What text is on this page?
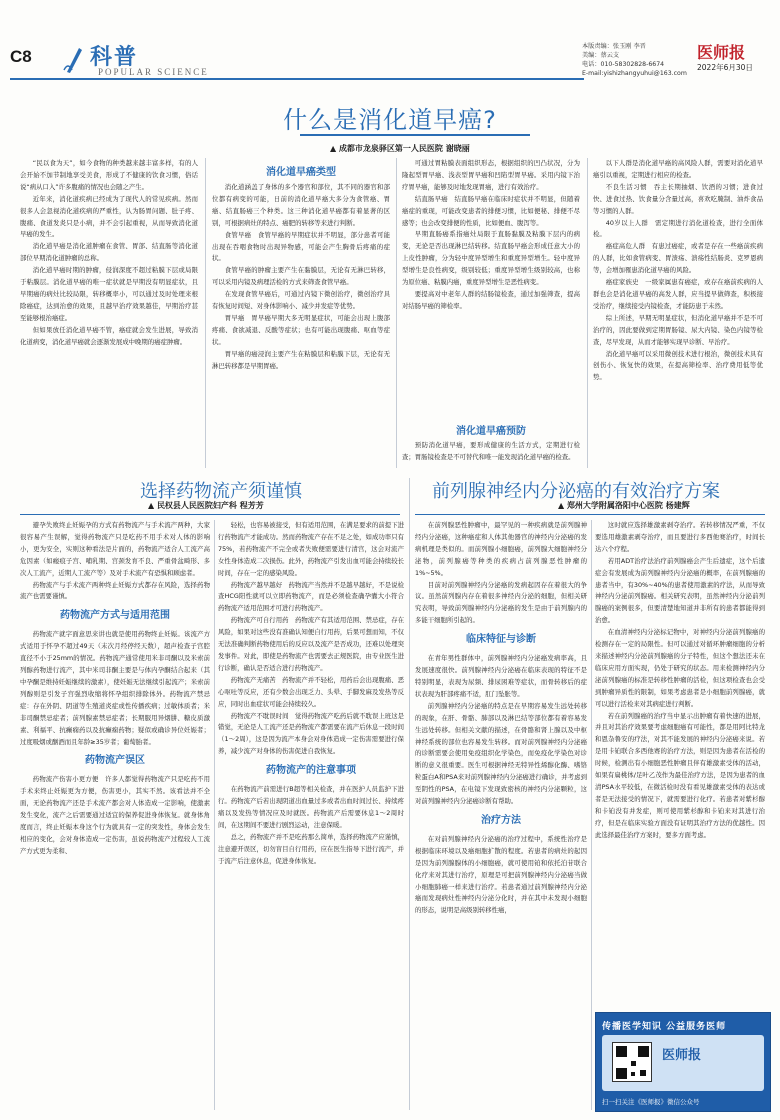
C8	科普
POPULAR SCIENCE
本版责编：张玉刚 李晋
美编：蔡云支
电话：010-58302828-6674
E-mail:yishizhangyuhui@163.com
医师报
2022年6月30日
什么是消化道早癌?
▲ 成都市龙泉驿区第一人民医院 谢晓丽

“民以食为天”，如今食物的种类越来越丰富多样，有的人会开始不加节制地享受美食，形成了不健康的饮食习惯，俗话说“病从口入”许多腹痛的情况也会随之产生。

近年来，消化道疾病已经成为了现代人的常见疾病。然而很多人会忽视消化道疾病的严重性，认为肠胃问题、肚子疼、腹痛、食道发炎只是小病，并不会引起重视，从而导致消化道早癌的发生。

消化道早癌是消化道肿瘤在食管、胃部、结直肠等消化道部位早期消化道肿瘤的总称。

消化道早癌时期的肿瘤，侵润深度不超过粘膜下层或局限于粘膜层。消化道早癌的唯一症状就是早期没有明显症状，且早期癌的病灶比较局限，转移概率小，可以通过及时处理来根除癌症，达到治愈的效果，且越早治疗效果越佳，早期治疗甚至能够根治癌症。

但如果放任消化道早癌不管，癌症就会发生进展，导致消化道病变，消化道早癌就会逐渐发展成中晚期的癌症肿瘤。

消化道早癌类型

消化道涵盖了身体的多个器官和部位，其不同的器官和部位都有病变的可能，日前的消化道早癌大多分为食管癌、胃癌、结直肠癌三个种类。这三种消化道早癌都有着显著的区别，可根据病灶的特点、癌肥的转移等来进行判断。

食管早癌　食管早癌的早期症状并不明显，部分患者可能出现在吞咽食物时出现异物感，可能会产生胸骨后疼痛的症状。

食管早癌的肿瘤主要产生在黏膜层，无论有无淋巴转移，可以采用内镜及病理活检的方式来筛查食管早癌。

在发现食管早癌后，可通过内镜下微创治疗，微创治疗具有恢复时间短、对身体影响小、减少并发症等优势。

胃早癌　胃早癌早期大多无明显症状，可能会出现上腹部疼痛、食欲减退、反酸等症状；也有可能出现腹痛、呕血等症状。

胃早癌的癌浸润主要产生在粘膜层和粘膜下层，无论有无淋巴转移都是早期胃癌。

可通过胃粘膜表面组织形态，根据组织的凹凸状况，分为隆起型胃早癌、浅表型胃早癌和凹陷型胃早癌。采用内镜下治疗胃早癌，能够及时地发现胃癌，进行有效治疗。

结直肠早癌　结直肠早癌在临床时症状并不明显，但随着癌症的重现，可能改变患者的排便习惯，比如便秘、排便不尽感等；也会改变排便的性质，比如便血、腹泻等。

早期直肠癌系指癌灶局限于直肠黏膜及粘膜下层内的病变，无论是否出现淋巴结转移。结直肠早癌会形成任意大小的上皮性肿瘤，分为轻中度异型增生和重度异型增生。轻中度异型增生是良性病变，级别较低；重度异型增生级别较高，也称为原位癌、粘膜内癌，重度异型增生是恶性病变。

要提高对中老年人群的结肠镜检查，通过加强筛查，提高对结肠早癌的筛检率。

消化道早癌预防

预防消化道早癌，要形成健康的生活方式，定期进行检查；胃肠镜检查是不可替代和唯一能发现消化道早癌的检查。

以下人群是消化道早癌的高风险人群，需要对消化道早癌引以重视，定期进行相应的检查。

不良生活习惯　吞主长期抽烟、饮酒的习惯；进食过快、进食过热、饮食量分含量过高，喜欢吃腌制、油炸食品等习惯的人群。

40岁以上人群　需定期进行消化道检查，进行全面体检。

癌症高危人群　有患过癌症，或者是存在一些癌前疾病的人群，比如食管病变、胃溃疡、溃疡性结肠炎、克罗恩病等，会增加罹患消化道早癌的风险。

癌症家族史　一级家属患有癌症，或存在癌前疾病的人群也会是消化道早癌的高发人群，应当提早做筛查，积极接受治疗，继续接受内镜检查，才能防患于未然。

综上所述，早期无明显症状，但消化道早癌并不是不可治疗的，因此要做到定期胃肠镜、尿大内镜、染色内镜等检查，尽早发现，从而才能够实现早诊断、早治疗。

消化道早癌可以采用微创技术进行根治，微创技术具有创伤小、恢复快的效果，在提高筛检率、治疗费用低等优势。

选择药物流产须谨慎
▲ 民权县人民医院妇产科 程芳芳

避孕失败终止妊娠孕的方式有药物流产与手术流产两种，大家很容易产生误解，觉得药物流产只是吃药不用手术对人体的影响小，更为安全，实则这种看法是片面的，药物流产适合人工流产高危因素（如瘢痕子宫、哺乳期、宫颈发育不良、严重骨盆畸形、多次人工流产，近期人工流产等）及对手术流产有恐惧和顾虑者。

药物流产与手术流产两种终止妊娠方式都存在风险，选择药物流产也需要谨慎。

药物流产方式与适用范围

药物流产就字面意思来讲也就是使用药物终止妊娠。该流产方式适用于怀孕不超过49天（末次月经停经天数），超声检查子宫腔直径不小于25mm的情况。药物流产通常使用米非司酮以及米索前列醇药物进行流产，其中米司非酮主要是与体内孕酮结合起来（其中孕酮是维持妊娠继续的激素），使妊娠无法继续引起流产；米索前列醇则是引发子宫强烈收缩将怀孕组织排除体外。药物流产禁忌症：存在外阴、阴道等生殖道炎症或性传播疾病；过敏体质者；米非司酮禁忌症者；前列腺素禁忌症者；长期服用异烟肼、糖皮质激素、利福平、抗癫痫药以及抗癫痫药物；疑似或确诊异位妊娠者；过度吸烟或酗酒而且年龄≥35岁者；葡萄胎者。

药物流产误区

药物流产伤害小更方便　许多人都觉得药物流产只是吃药不用手术来终止妊娠更为方便，伤害更小，其实不然。该看法并不全面，无论药物流产还是手术流产都会对人体造成一定影响，使激素发生变化，流产之后需要通过适宜的保养促进身体恢复。就身体角度而言，终止妊娠本身这个行为就具有一定的突发性，身体会发生相应的变化，会对身体造成一定伤害，虽说药物流产过程较人工流产方式更为柔和、

轻松，也容易被接受，但有适用范围，在满足要求的前提下进行药物流产才能成功。然而药物流产存在不足之处，如成功率只有75%，若药物流产不完全或者失败便需要进行清宫，这会对流产女性身体造成二次损伤。此外，药物流产引发出血可能会持续较长时间，存在一定的感染风险。

药物流产越早越好　药物流产当然并不是越早越好，不是说检查HCG阳性就可以立即药物流产，而是必须检查确孕囊大小符合药物流产适用范围才可进行药物流产。

药物流产可自行用药　药物流产有其适用范围、禁忌症，存在风险，如果对这些没有准确认知便自行用药，后果可想而知，不仅无法准确判断药物使用后的反应以及流产是否成功，还难以处理突发事件。对此，即使是药物流产也需要去正规医院，由专业医生进行诊断，确认是否适合进行药物流产。

药物流产无痛苦　药物流产并不轻松，用药后会出现腹痛、恶心呕吐等反应，还有少数会出现乏力、头晕、手脚发麻及发热等反应，同时出血症状可能会持续较久。

药物流产不耽误时间　觉得药物流产吃药后就不耽误上班这是错觉，无论是人工流产还是药物流产都需要在流产后休息一段时间（1～2周），这是因为流产本身会对身体造成一定伤害需要进行保养，减少流产对身体的伤害促进自我恢复。

药物流产的注意事项

在药物流产前需进行B超等相关检查，并在医护人员监护下进行。药物流产后若出现阴道出血量过多或者出血时间过长、持续疼痛以及发热等情况应及时就医。药物流产后需要休息1～2周时间，在这期间不要进行剧烈运动，注意保暖。

总之，药物流产并不是吃药那么简单，选择药物流产应谨慎，注意避开误区，切勿盲目自行用药，应在医生指导下进行流产，并于流产后注意休息，促进身体恢复。

前列腺神经内分泌癌的有效治疗方案
▲ 郑州大学附属洛阳中心医院 杨建辉

在前列腺恶性肿瘤中，最罕见的一种疾病就是前列腺神经内分泌癌，这种癌症和人体其他器官的神经内分泌癌的发病机理是类似的。而前列腺小细胞癌，前列腺大细胞神经分泌物，前列腺癌等种类的疾病占前列腺恶性肿瘤的1%~5%。

目前对前列腺神经内分泌癌的发病起因存在着很大的争议。虽然前列腺内存在着很多神经内分泌的细胞，但相关研究表明，导致前列腺神经内分泌癌的发生是由于前列腺内的多能干细胞所引起的。

临床特征与诊断

在青年男性群体中，前列腺神经内分泌癌发病率高，且发展速度很快。前列腺神经内分泌癌在临床表现的特征不是特别明显，表现为尿频、排尿困难等症状，而骨转移后的症状表现为肝部疼痛不适，肛门坠胀等。

前列腺神经内分泌癌的特点是在早期容易发生远处转移的现象，在肝、骨骼、肺部以及淋巴结等部位都有着容易发生远处转移。但相关文献的描述，在骨骼和肾上腺以及中枢神经系统的部位也容易发生转移。而对前列腺神经内分泌癌的诊断需要会使用免疫组织化学染色，而免疫化学染色对诊断的意义很重要。医生可根据神经无特异性烯醇化酶、嗜铬粒蛋白A和PSA来对前列腺神经内分泌癌进行确诊，并考虑到至阴性的PSA，在电镜下发现致密核的神经内分泌颗粒，这对前列腺神经内分泌癌诊断有帮助。

治疗方法

在对前列腺神经内分泌癌的治疗过程中，系统性治疗是根据临床环境以及癌细胞扩散的程度。若患者的病灶的起因是因为前列腺腺体的小细胞癌，就可使用铂和依托泊苷联合化疗来对其进行治疗，原理是可把前列腺神经内分泌癌当做小细胞肺癌一样来进行治疗。若患者通过前列腺神经内分泌癌而发现病灶性神经内分泌分化时，并在其中未发现小细胞的形态，说明是高级别转移性癌，

这时就应选择雄激素剥夺治疗。若转移情况严重，不仅要选用雄激素剥夺治疗，而且要进行多西他赛治疗，时间长达六个疗程。

若用ADT治疗法治疗前列腺癌会产生后遗症，这个后遗症会有发展成为前列腺神经内分泌癌的概率，在前列腺癌的患者当中，有30%~40%的患者使用激素的疗法，从而导致神经内分泌前列腺癌。相关研究表明，虽然神经内分泌前列腺癌的案例很多，但要清楚地知道并非所有的患者都能得到治愈。

在血清神经内分泌标记物中，对神经内分泌前列腺癌的检测存在一定的局限性。但可以通过对循环肿瘤细胞的分析来描述神经内分泌前列腺癌的分子特性，但这个想法还未在临床应用方面实现，仍处于研究的状态。用来检测神经内分泌前列腺癌的标准是转移性肿瘤的活检，但这项检查也会受到肿瘤异质性的限制，如果考虑患者是小细胞前列腺癌，就可以进行活检来对其病症进行判断。

若在前列腺癌的治疗当中显示出肿瘤有着快速的进展，并且对其治疗效果要考虑细胞癌有可能性，都是用阿比特龙和恩杂鲁安的疗法，对其不能发展的神经内分泌癌来说。若是用卡铂联合多西他赛的治疗方法，则是因为患者在活检的时候，检测出有小细胞恶性肿瘤且伴有雄激素受体的活动，如果有扁桃体/足叶乙茂作为最佳治疗方法，是因为患者的血清PSA水平较低，在微活检时没有看见雄激素受体的表达或者是无法接受的情况下，就需要进行化疗。若患者对紫杉醇和卡铂没有并发症，则可使用紫杉醇和卡铂来对其进行治疗，但是在临床实验方面没有证明其治疗方法的优越性。因此选择最佳治疗方案时，要多方面考虑。

传播医学知识 公益服务医师
医师报
扫一扫关注《医师报》微信公众号
